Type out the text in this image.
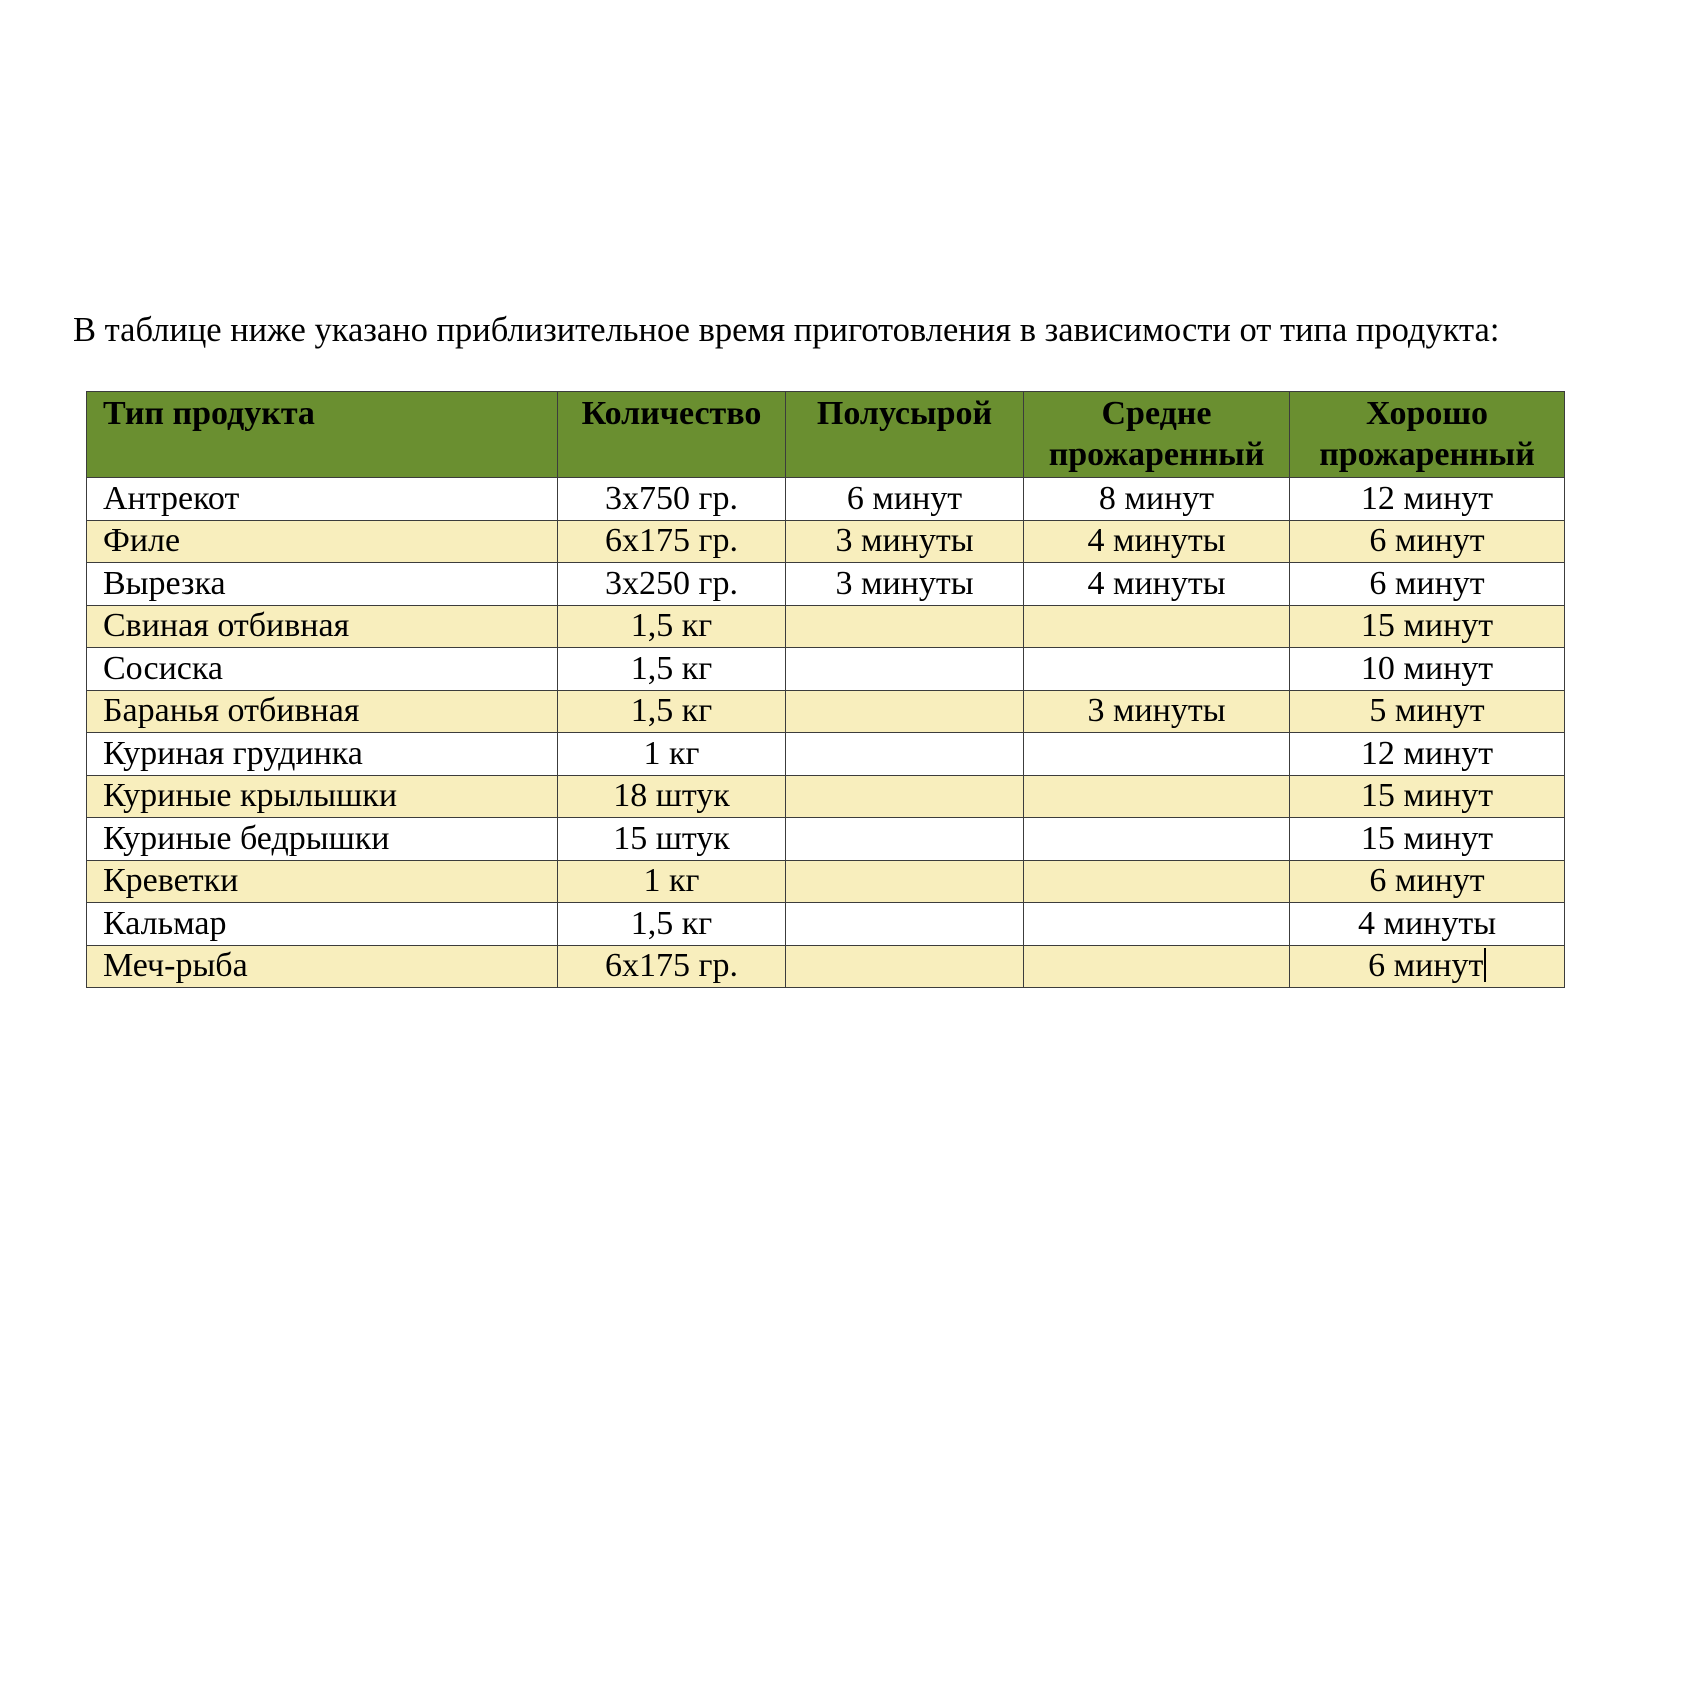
В таблице ниже указано приблизительное время приготовления в зависимости от типа продукта:

Тип продукта	Количество	Полусырой	Средне прожаренный	Хорошо прожаренный
Антрекот	3x750 гр.	6 минут	8 минут	12 минут
Филе	6x175 гр.	3 минуты	4 минуты	6 минут
Вырезка	3x250 гр.	3 минуты	4 минуты	6 минут
Свиная отбивная	1,5 кг			15 минут
Сосиска	1,5 кг			10 минут
Баранья отбивная	1,5 кг		3 минуты	5 минут
Куриная грудинка	1 кг			12 минут
Куриные крылышки	18 штук			15 минут
Куриные бедрышки	15 штук			15 минут
Креветки	1 кг			6 минут
Кальмар	1,5 кг			4 минуты
Меч-рыба	6x175 гр.			6 минут
